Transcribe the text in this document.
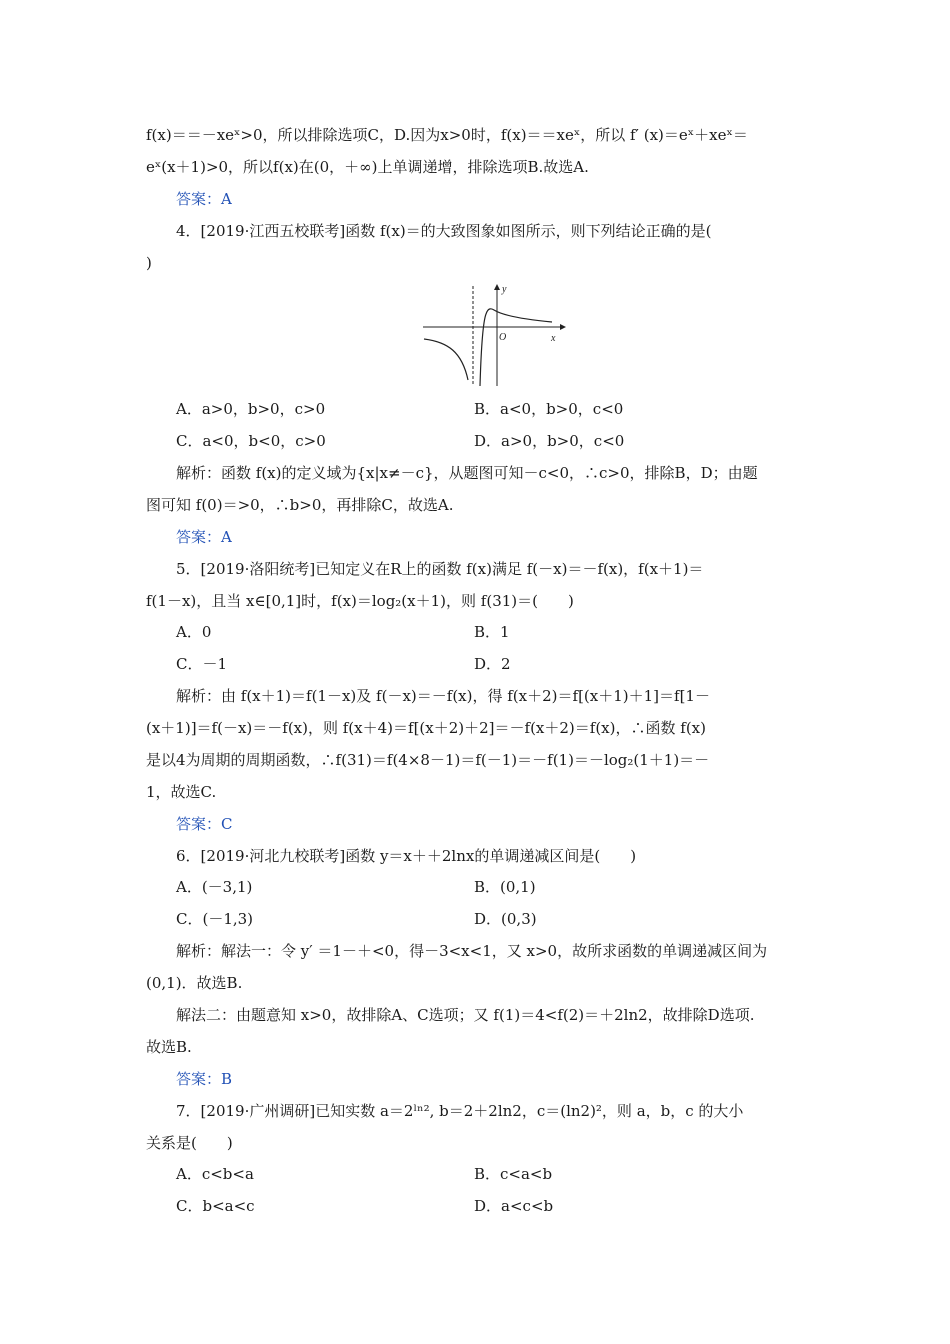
f(x)＝＝－xeˣ>0，所以排除选项C，D.因为x>0时，f(x)＝＝xeˣ，所以 f′ (x)＝eˣ＋xeˣ＝
eˣ(x＋1)>0，所以f(x)在(0，＋∞)上单调递增，排除选项B.故选A.
答案：A
4．[2019·江西五校联考]函数 f(x)＝的大致图象如图所示，则下列结论正确的是(
)
y
x
O
A．a>0，b>0，c>0	B．a<0，b>0，c<0
C．a<0，b<0，c>0	D．a>0，b>0，c<0
解析：函数 f(x)的定义域为{x|x≠－c}，从题图可知－c<0，∴c>0，排除B，D；由题
图可知 f(0)＝>0，∴b>0，再排除C，故选A.
答案：A
5．[2019·洛阳统考]已知定义在R上的函数 f(x)满足 f(－x)＝－f(x)，f(x＋1)＝
f(1－x)，且当 x∈[0,1]时，f(x)＝log₂(x＋1)，则 f(31)＝(　　)
A．0	B．1
C．－1	D．2
解析：由 f(x＋1)＝f(1－x)及 f(－x)＝－f(x)，得 f(x＋2)＝f[(x＋1)＋1]＝f[1－
(x＋1)]＝f(－x)＝－f(x)，则 f(x＋4)＝f[(x＋2)＋2]＝－f(x＋2)＝f(x)，∴函数 f(x)
是以4为周期的周期函数，∴f(31)＝f(4×8－1)＝f(－1)＝－f(1)＝－log₂(1＋1)＝－
1，故选C.
答案：C
6．[2019·河北九校联考]函数 y＝x＋＋2lnx的单调递减区间是(　　)
A．(－3,1)	B．(0,1)
C．(－1,3)	D．(0,3)
解析：解法一：令 y′ ＝1－＋<0，得－3<x<1，又 x>0，故所求函数的单调递减区间为
(0,1)．故选B.
解法二：由题意知 x>0，故排除A、C选项；又 f(1)＝4<f(2)＝＋2ln2，故排除D选项.
故选B.
答案：B
7．[2019·广州调研]已知实数 a＝2ˡⁿ², b＝2＋2ln2，c＝(ln2)²，则 a，b，c 的大小
关系是(　　)
A．c<b<a	B．c<a<b
C．b<a<c	D．a<c<b
